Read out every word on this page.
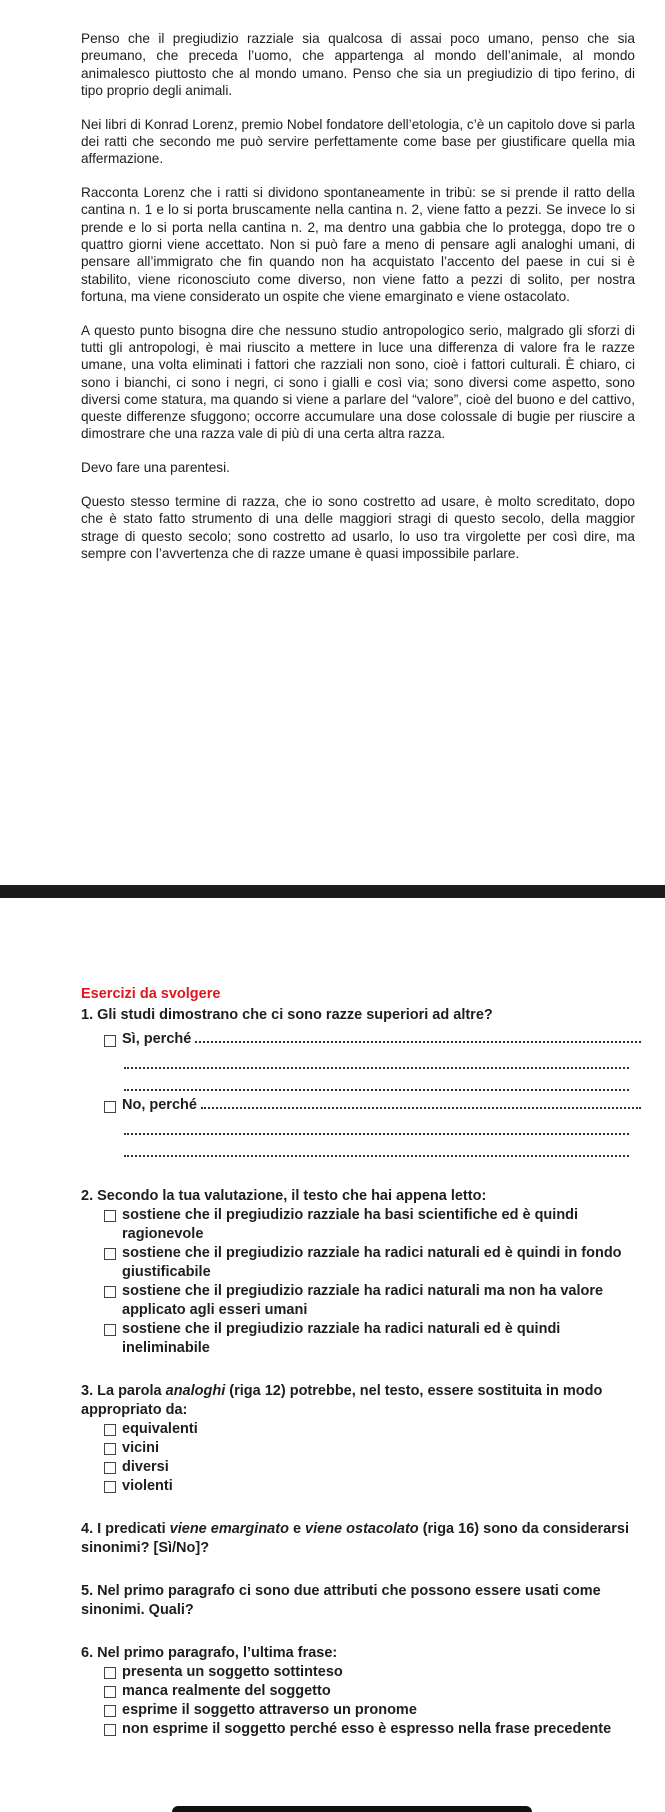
Penso che il pregiudizio razziale sia qualcosa di assai poco umano, penso che sia preumano, che preceda l’uomo, che appartenga al mondo dell’animale, al mondo animalesco piuttosto che al mondo umano. Penso che sia un pregiudizio di tipo ferino, di tipo proprio degli animali.

Nei libri di Konrad Lorenz, premio Nobel fondatore dell’etologia, c’è un capitolo dove si parla dei ratti che secondo me può servire perfettamente come base per giustificare quella mia affermazione.

Racconta Lorenz che i ratti si dividono spontaneamente in tribù: se si prende il ratto della cantina n. 1 e lo si porta bruscamente nella cantina n. 2, viene fatto a pezzi. Se invece lo si prende e lo si porta nella cantina n. 2, ma dentro una gabbia che lo protegga, dopo tre o quattro giorni viene accettato. Non si può fare a meno di pensare agli analoghi umani, di pensare all’immigrato che fin quando non ha acquistato l’accento del paese in cui si è stabilito, viene riconosciuto come diverso, non viene fatto a pezzi di solito, per nostra fortuna, ma viene considerato un ospite che viene emarginato e viene ostacolato.

A questo punto bisogna dire che nessuno studio antropologico serio, malgrado gli sforzi di tutti gli antropologi, è mai riuscito a mettere in luce una differenza di valore fra le razze umane, una volta eliminati i fattori che razziali non sono, cioè i fattori culturali. È chiaro, ci sono i bianchi, ci sono i negri, ci sono i gialli e così via; sono diversi come aspetto, sono diversi come statura, ma quando si viene a parlare del “valore”, cioè del buono e del cattivo, queste differenze sfuggono; occorre accumulare una dose colossale di bugie per riuscire a dimostrare che una razza vale di più di una certa altra razza.

Devo fare una parentesi.

Questo stesso termine di razza, che io sono costretto ad usare, è molto screditato, dopo che è stato fatto strumento di una delle maggiori stragi di questo secolo, della maggior strage di questo secolo; sono costretto ad usarlo, lo uso tra virgolette per così dire, ma sempre con l’avvertenza che di razze umane è quasi impossibile parlare.

Esercizi da svolgere
1. Gli studi dimostrano che ci sono razze superiori ad altre?
Sì, perché
No, perché
2. Secondo la tua valutazione, il testo che hai appena letto:
sostiene che il pregiudizio razziale ha basi scientifiche ed è quindi ragionevole
sostiene che il pregiudizio razziale ha radici naturali ed è quindi in fondo giustificabile
sostiene che il pregiudizio razziale ha radici naturali ma non ha valore applicato agli esseri umani
sostiene che il pregiudizio razziale ha radici naturali ed è quindi ineliminabile
3. La parola analoghi (riga 12) potrebbe, nel testo, essere sostituita in modo appropriato da:
equivalenti
vicini
diversi
violenti
4. I predicati viene emarginato e viene ostacolato (riga 16) sono da considerarsi sinonimi? [Sì/No]?
5. Nel primo paragrafo ci sono due attributi che possono essere usati come sinonimi. Quali?
6. Nel primo paragrafo, l’ultima frase:
presenta un soggetto sottinteso
manca realmente del soggetto
esprime il soggetto attraverso un pronome
non esprime il soggetto perché esso è espresso nella frase precedente
